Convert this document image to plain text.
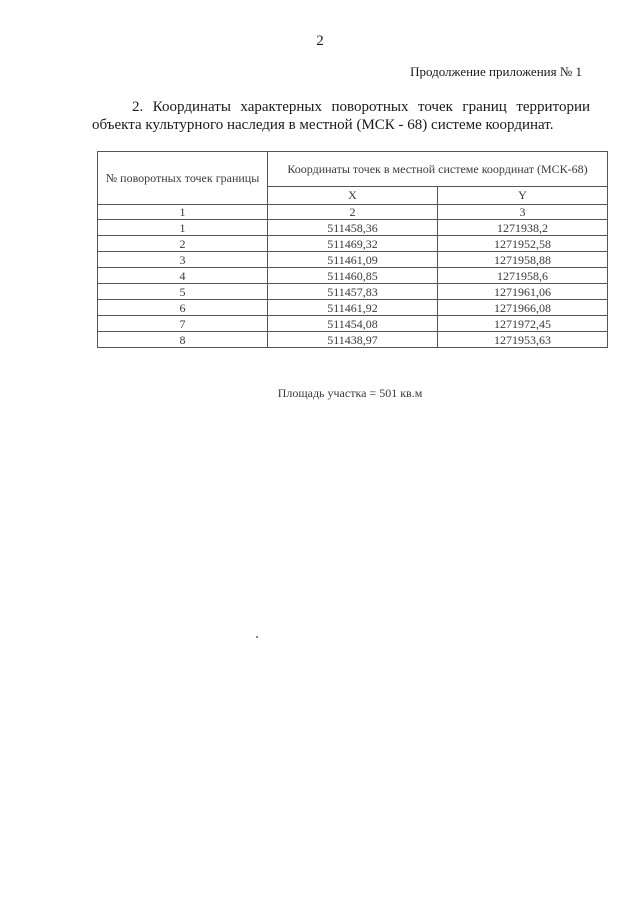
2
Продолжение приложения № 1
2. Координаты характерных поворотных точек границ территории
объекта культурного наследия в местной (МСК - 68) системе координат.
№ поворотных точек границы	Координаты точек в местной системе координат (МСК-68)	
	X	Y
1	2	3
1	511458,36	1271938,2
2	511469,32	1271952,58
3	511461,09	1271958,88
4	511460,85	1271958,6
5	511457,83	1271961,06
6	511461,92	1271966,08
7	511454,08	1271972,45
8	511438,97	1271953,63
Площадь участка = 501 кв.м
